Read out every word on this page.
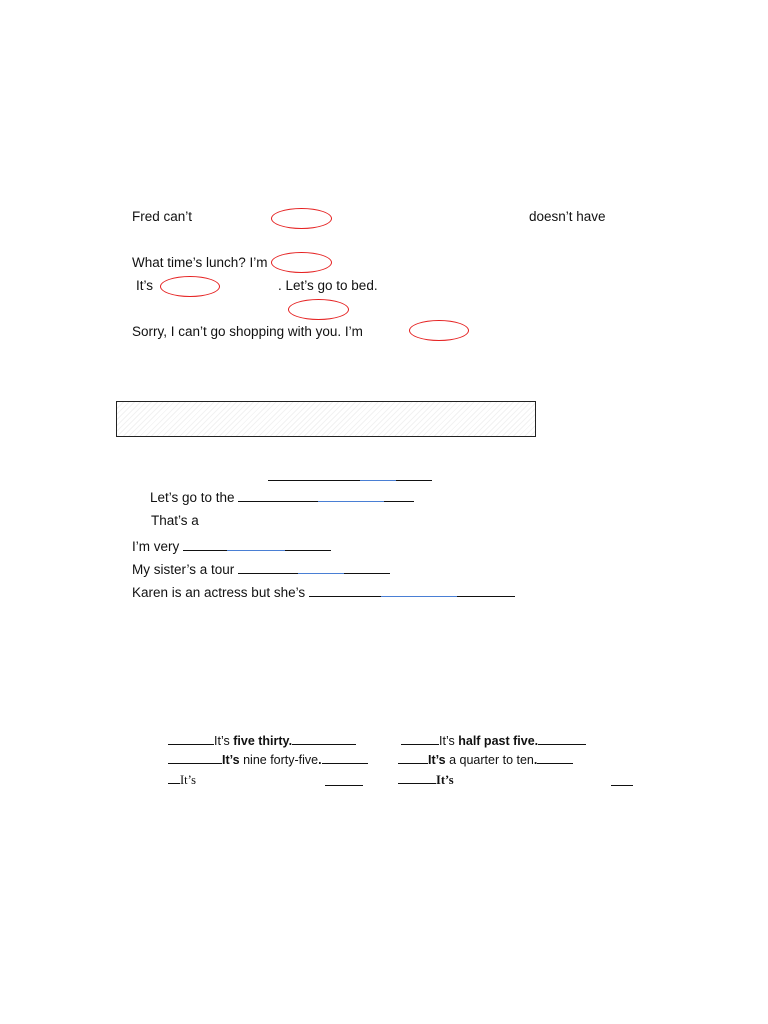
Fred can’t	doesn’t have
What time’s lunch? I’m
It’s	. Let’s go to bed.
Sorry, I can’t go shopping with you. I’m
Let’s go to the
That’s a
I’m very
My sister’s a tour
Karen is an actress but she’s
It’s five thirty.	It’s half past five.
It’s nine forty-five.	It’s a quarter to ten.
It’s	It’s
